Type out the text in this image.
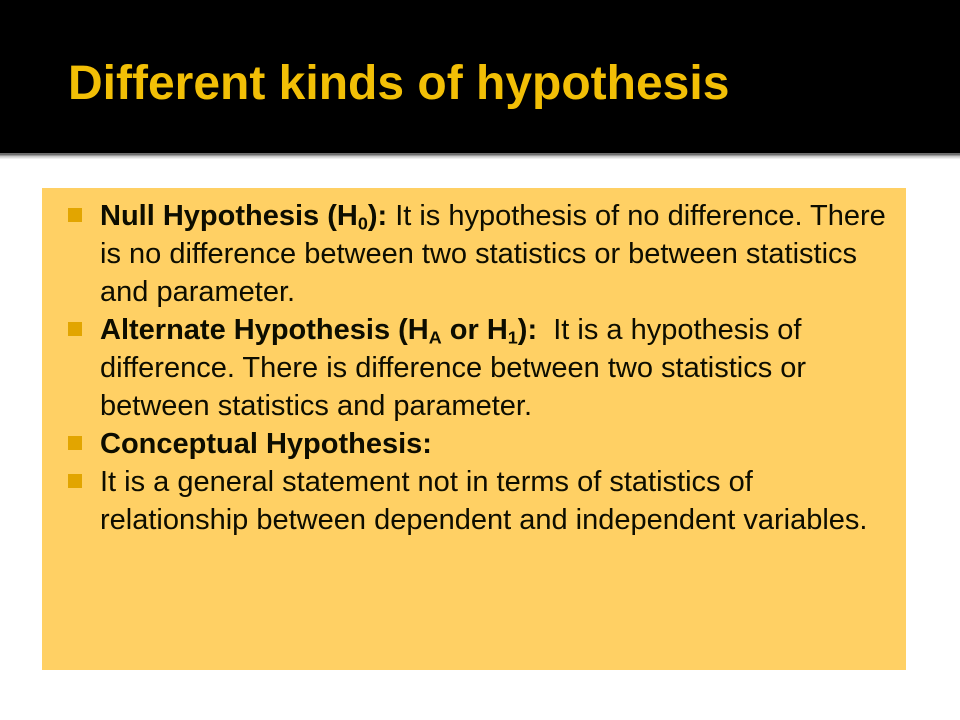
Different kinds of hypothesis
Null Hypothesis $(H_0)$: It is hypothesis of no difference. There is no difference between two statistics or between statistics and parameter.
Alternate Hypothesis ($H_A$ or $H_1$):  It is a hypothesis of difference. There is difference between two statistics or between statistics and parameter.
Conceptual Hypothesis:
It is a general statement not in terms of statistics of relationship between dependent and independent variables.
